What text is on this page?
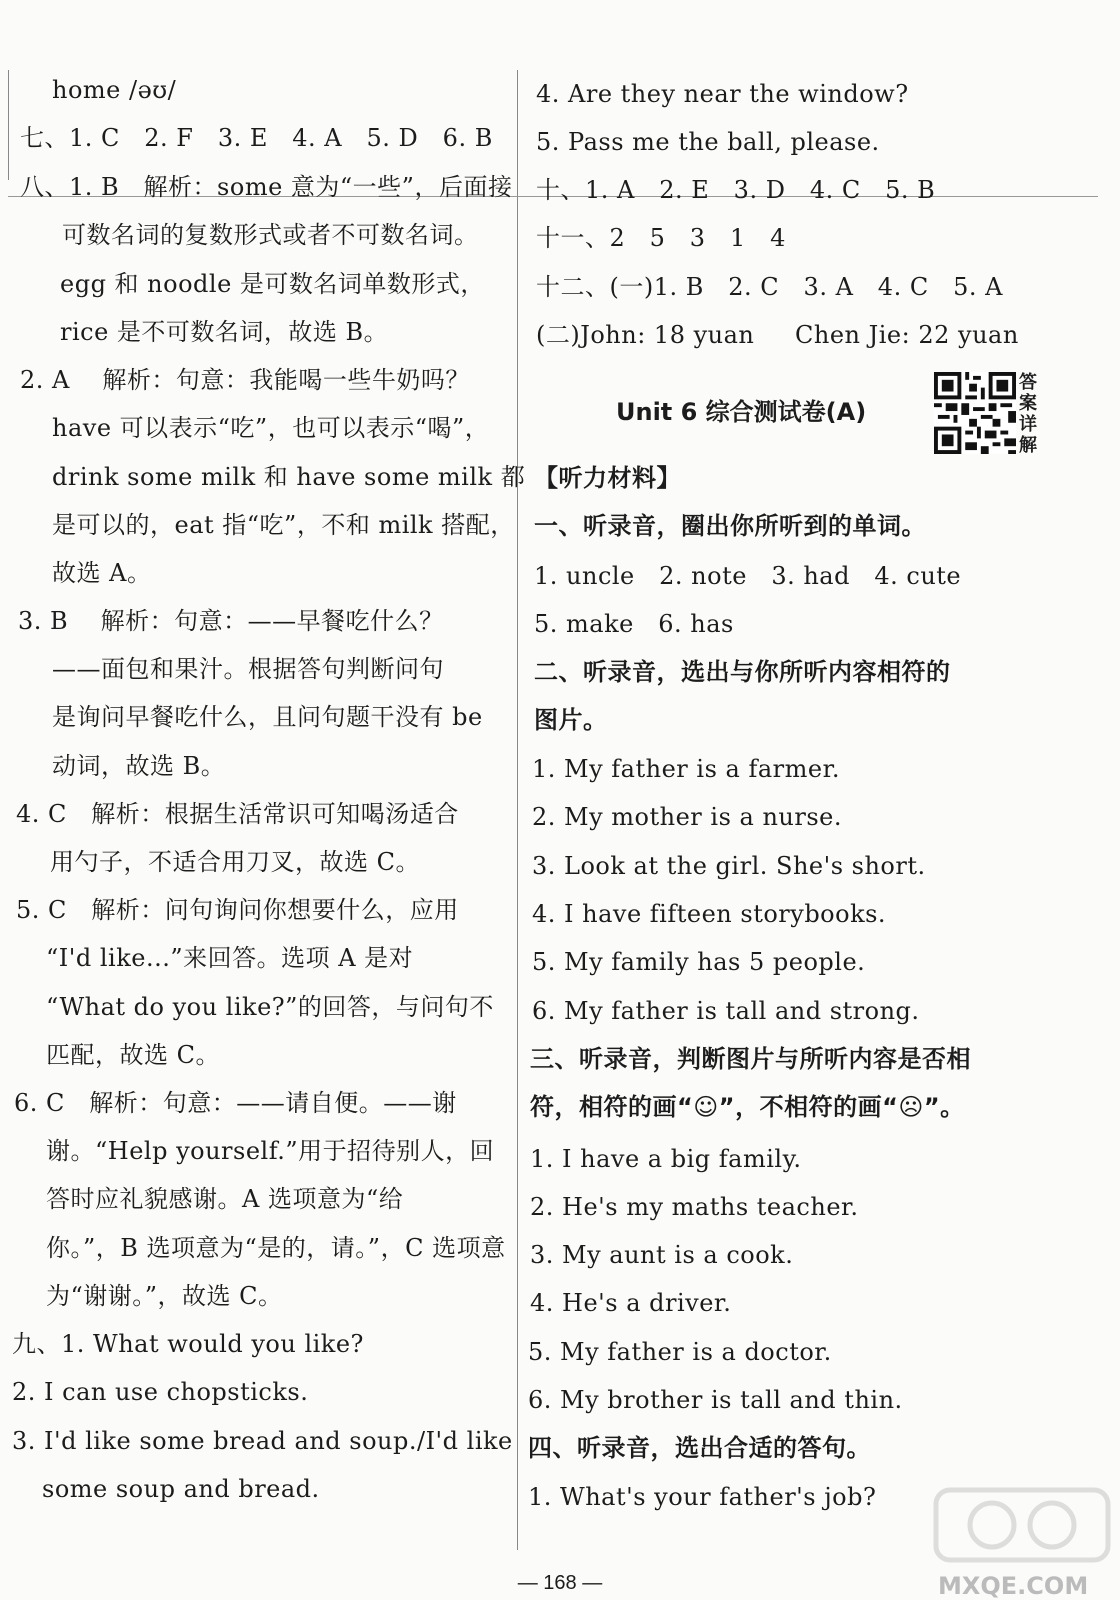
home /əʊ/
七、1. C   2. F   3. E   4. A   5. D   6. B
八、1. B   解析：some 意为“一些”，后面接
可数名词的复数形式或者不可数名词。
egg 和 noodle 是可数名词单数形式，
rice 是不可数名词，故选 B。
2. A    解析：句意：我能喝一些牛奶吗？
have 可以表示“吃”，也可以表示“喝”，
drink some milk 和 have some milk 都
是可以的，eat 指“吃”，不和 milk 搭配，
故选 A。
3. B    解析：句意：——早餐吃什么？
——面包和果汁。根据答句判断问句
是询问早餐吃什么，且问句题干没有 be
动词，故选 B。
4. C   解析：根据生活常识可知喝汤适合
用勺子，不适合用刀叉，故选 C。
5. C   解析：问句询问你想要什么，应用
“I'd like...”来回答。选项 A 是对
“What do you like?”的回答，与问句不
匹配，故选 C。
6. C   解析：句意：——请自便。——谢
谢。“Help yourself.”用于招待别人，回
答时应礼貌感谢。A 选项意为“给
你。”，B 选项意为“是的，请。”，C 选项意
为“谢谢。”，故选 C。
九、1. What would you like?
2. I can use chopsticks.
3. I'd like some bread and soup./I'd like
some soup and bread.
4. Are they near the window?
5. Pass me the ball, please.
十、1. A   2. E   3. D   4. C   5. B
十一、2   5   3   1   4
十二、(一)1. B   2. C   3. A   4. C   5. A
(二)John: 18 yuan     Chen Jie: 22 yuan
Unit 6 综合测试卷(A)
答案详解
【听力材料】
一、听录音，圈出你所听到的单词。
1. uncle   2. note   3. had   4. cute
5. make   6. has
二、听录音，选出与你所听内容相符的
图片。
1. My father is a farmer.
2. My mother is a nurse.
3. Look at the girl. She's short.
4. I have fifteen storybooks.
5. My family has 5 people.
6. My father is tall and strong.
三、听录音，判断图片与所听内容是否相
符，相符的画“☺”，不相符的画“☹”。
1. I have a big family.
2. He's my maths teacher.
3. My aunt is a cook.
4. He's a driver.
5. My father is a doctor.
6. My brother is tall and thin.
四、听录音，选出合适的答句。
1. What's your father's job?
— 168 —	MXQE.COM
